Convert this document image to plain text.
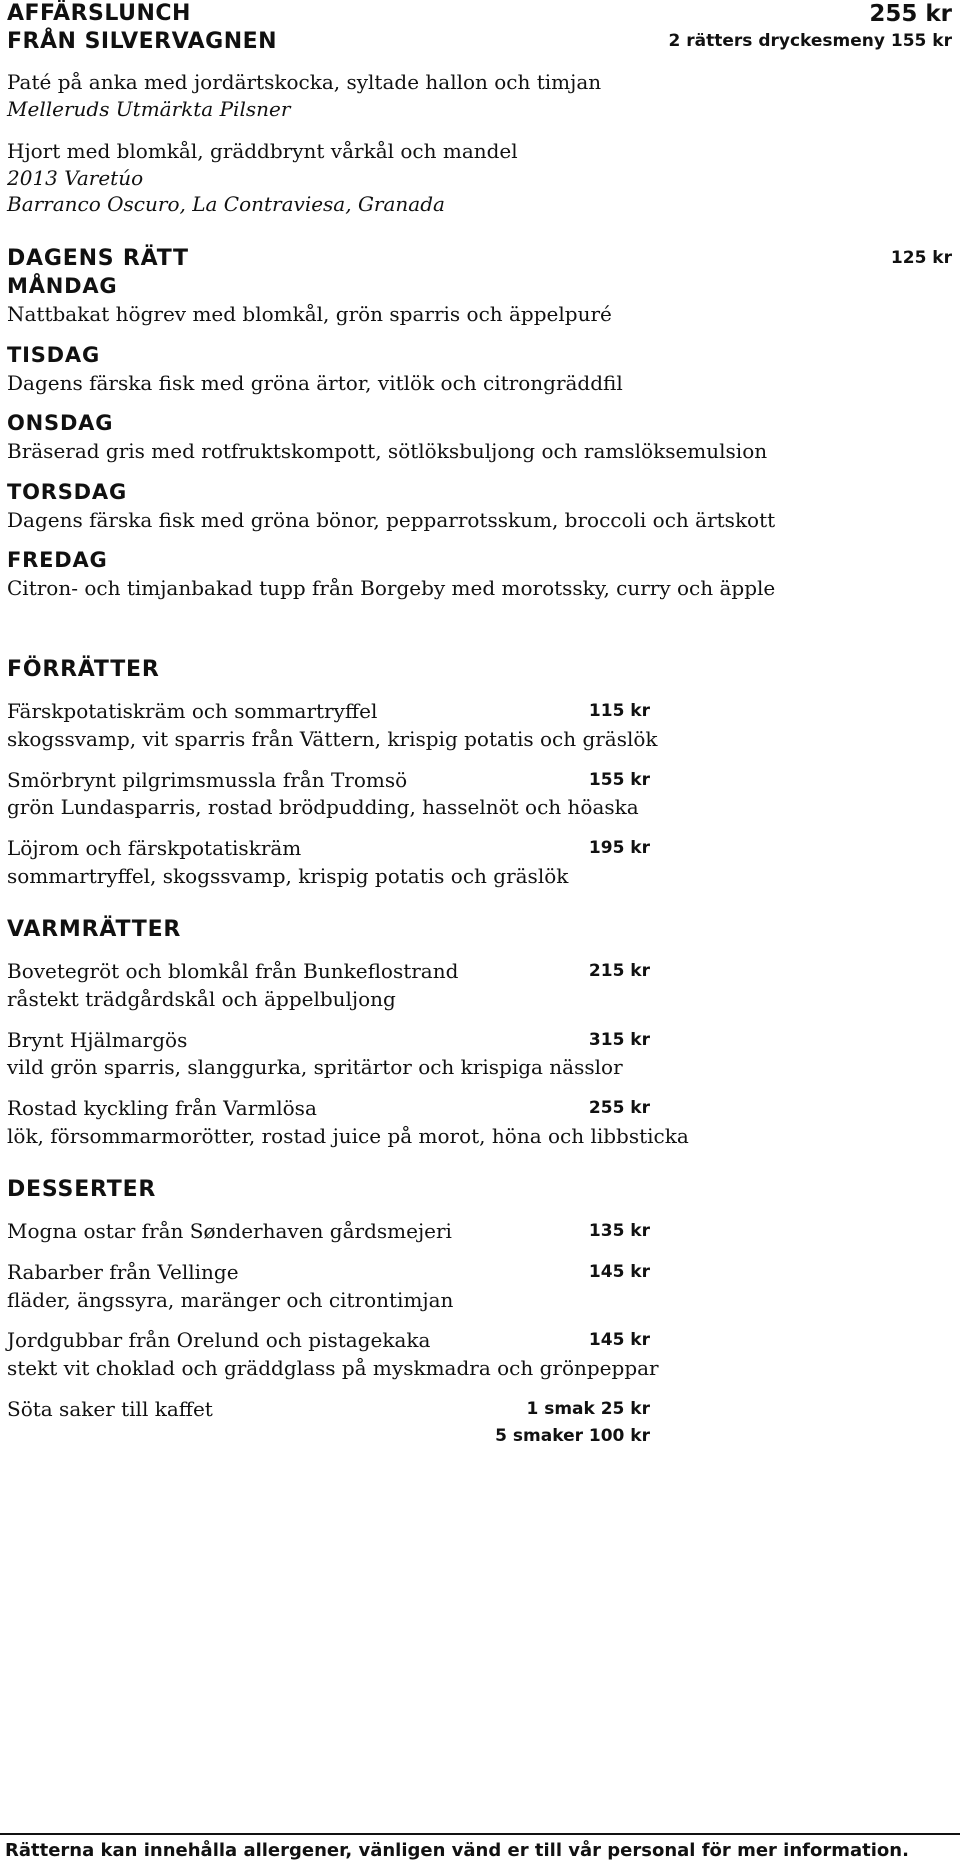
AFFÄRSLUNCH
FRÅN SILVERVAGNEN
255 kr
2 rätters dryckesmeny 155 kr
Paté på anka med jordärtskocka, syltade hallon och timjan
Melleruds Utmärkta Pilsner
Hjort med blomkål, gräddbrynt vårkål och mandel
2013 Varetúo
Barranco Oscuro, La Contraviesa, Granada
DAGENS RÄTT	125 kr
MÅNDAG
Nattbakat högrev med blomkål, grön sparris och äppelpuré
TISDAG
Dagens färska fisk med gröna ärtor, vitlök och citrongräddfil
ONSDAG
Bräserad gris med rotfruktskompott, sötlöksbuljong och ramslöksemulsion
TORSDAG
Dagens färska fisk med gröna bönor, pepparrotsskum, broccoli och ärtskott
FREDAG
Citron- och timjanbakad tupp från Borgeby med morotssky, curry och äpple
FÖRRÄTTER
Färskpotatiskräm och sommartryffel	115 kr
skogssvamp, vit sparris från Vättern, krispig potatis och gräslök
Smörbrynt pilgrimsmussla från Tromsö	155 kr
grön Lundasparris, rostad brödpudding, hasselnöt och höaska
Löjrom och färskpotatiskräm	195 kr
sommartryffel, skogssvamp, krispig potatis och gräslök
VARMRÄTTER
Bovetegröt och blomkål från Bunkeflostrand	215 kr
råstekt trädgårdskål och äppelbuljong
Brynt Hjälmargös	315 kr
vild grön sparris, slanggurka, spritärtor och krispiga nässlor
Rostad kyckling från Varmlösa	255 kr
lök, försommarmorötter, rostad juice på morot, höna och libbsticka
DESSERTER
Mogna ostar från Sønderhaven gårdsmejeri	135 kr
Rabarber från Vellinge	145 kr
fläder, ängssyra, maränger och citrontimjan
Jordgubbar från Orelund och pistagekaka	145 kr
stekt vit choklad och gräddglass på myskmadra och grönpeppar
Söta saker till kaffet	1 smak 25 kr
5 smaker 100 kr
Rätterna kan innehålla allergener, vänligen vänd er till vår personal för mer information.
